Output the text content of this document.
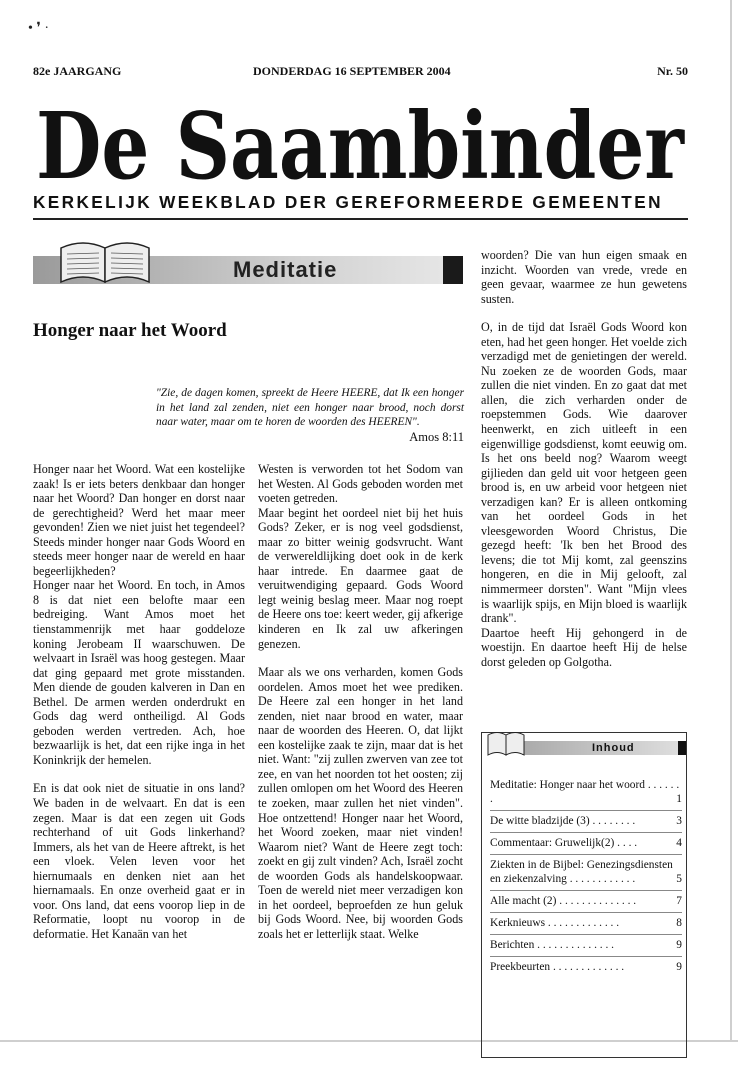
• ❜ ·
82e JAARGANG	DONDERDAG 16 SEPTEMBER 2004	Nr. 50
De Saambinder
KERKELIJK WEEKBLAD DER GEREFORMEERDE GEMEENTEN
Meditatie
Honger naar het Woord
"Zie, de dagen komen, spreekt de Heere HEERE, dat Ik een honger in het land zal zenden, niet een honger naar brood, noch dorst naar water, maar om te horen de woorden des HEEREN".
Amos 8:11

Honger naar het Woord. Wat een kostelijke zaak! Is er iets beters denkbaar dan honger naar het Woord? Dan honger en dorst naar de gerechtigheid? Werd het maar meer gevonden! Zien we niet juist het tegendeel? Steeds minder honger naar Gods Woord en steeds meer honger naar de wereld en haar begeerlijkheden?

Honger naar het Woord. En toch, in Amos 8 is dat niet een belofte maar een bedreiging. Want Amos moet het tienstammenrijk met haar goddeloze koning Jerobeam II waarschuwen. De welvaart in Israël was hoog gestegen. Maar dat ging gepaard met grote misstanden. Men diende de gouden kalveren in Dan en Bethel. De armen werden onderdrukt en Gods dag werd ontheiligd. Al Gods geboden werden vertreden. Ach, hoe bezwaarlijk is het, dat een rijke inga in het Koninkrijk der hemelen.

En is dat ook niet de situatie in ons land? We baden in de welvaart. En dat is een zegen. Maar is dat een zegen uit Gods rechterhand of uit Gods linkerhand? Immers, als het van de Heere aftrekt, is het een vloek. Velen leven voor het hiernumaals en denken niet aan het hiernamaals. En onze overheid gaat er in voor. Ons land, dat eens voorop liep in de Reformatie, loopt nu voorop in de deformatie. Het Kanaän van het

Westen is verworden tot het Sodom van het Westen. Al Gods geboden worden met voeten getreden.

Maar begint het oordeel niet bij het huis Gods? Zeker, er is nog veel godsdienst, maar zo bitter weinig godsvrucht. Want de verwereldlijking doet ook in de kerk haar intrede. En daarmee gaat de veruitwendiging gepaard. Gods Woord legt weinig beslag meer. Maar nog roept de Heere ons toe: keert weder, gij afkerige kinderen en Ik zal uw afkeringen genezen.

Maar als we ons verharden, komen Gods oordelen. Amos moet het wee prediken. De Heere zal een honger in het land zenden, niet naar brood en water, maar naar de woorden des Heeren. O, dat lijkt een kostelijke zaak te zijn, maar dat is het niet. Want: "zij zullen zwerven van zee tot zee, en van het noorden tot het oosten; zij zullen omlopen om het Woord des Heeren te zoeken, maar zullen het niet vinden". Hoe ontzettend! Honger naar het Woord, het Woord zoeken, maar niet vinden! Waarom niet? Want de Heere zegt toch: zoekt en gij zult vinden? Ach, Israël zocht de woorden Gods als handelskoopwaar. Toen de wereld niet meer verzadigen kon in het oordeel, beproefden ze hun geluk bij Gods Woord. Nee, bij woorden Gods zoals het er letterlijk staat. Welke

woorden? Die van hun eigen smaak en inzicht. Woorden van vrede, vrede en geen gevaar, waarmee ze hun gewetens susten.

O, in de tijd dat Israël Gods Woord kon eten, had het geen honger. Het voelde zich verzadigd met de genietingen der wereld. Nu zoeken ze de woorden Gods, maar zullen die niet vinden. En zo gaat dat met allen, die zich verharden onder de roepstemmen Gods. Wie daarover heenwerkt, en zich uitleeft in een eigenwillige godsdienst, komt eeuwig om. Is het ons beeld nog? Waarom weegt gijlieden dan geld uit voor hetgeen geen brood is, en uw arbeid voor hetgeen niet verzadigen kan? Er is alleen ontkoming van het oordeel Gods in het vleesgeworden Woord Christus, Die gezegd heeft: 'Ik ben het Brood des levens; die tot Mij komt, zal geenszins hongeren, en die in Mij gelooft, zal nimmermeer dorsten". Want "Mijn vlees is waarlijk spijs, en Mijn bloed is waarlijk drank".

Daartoe heeft Hij gehongerd in de woestijn. En daartoe heeft Hij de helse dorst geleden op Golgotha.

Inhoud
Meditatie: Honger naar het woord . . . . . . .	1
De witte bladzijde (3) . . . . . . . .	3
Commentaar: Gruwelijk(2) . . . .	4
Ziekten in de Bijbel: Genezingsdiensten en ziekenzalving . . . . . . . . . . . .	5
Alle macht (2) . . . . . . . . . . . . . .	7
Kerknieuws . . . . . . . . . . . . .	8
Berichten . . . . . . . . . . . . . .	9
Preekbeurten . . . . . . . . . . . . .	9
